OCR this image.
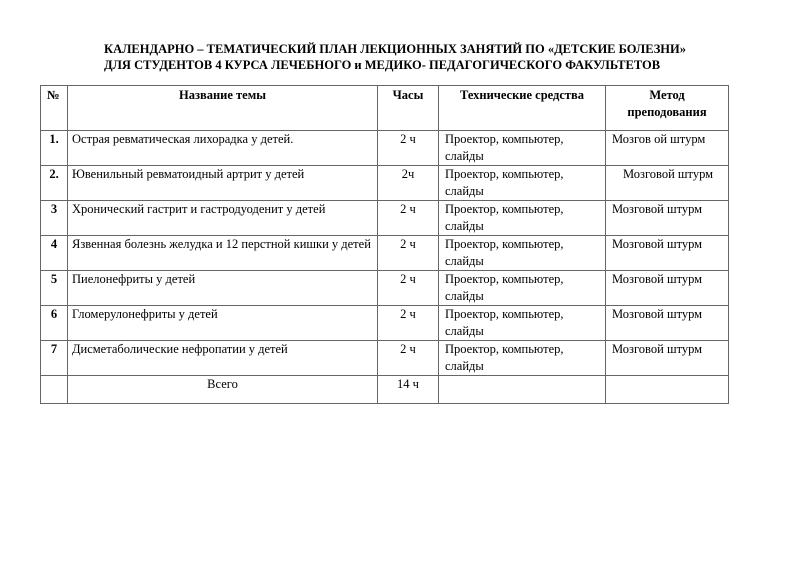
КАЛЕНДАРНО – ТЕМАТИЧЕСКИЙ ПЛАН ЛЕКЦИОННЫХ ЗАНЯТИЙ ПО «ДЕТСКИЕ БОЛЕЗНИ»
ДЛЯ СТУДЕНТОВ 4 КУРСА ЛЕЧЕБНОГО и МЕДИКО- ПЕДАГОГИЧЕСКОГО ФАКУЛЬТЕТОВ
№	Название темы	Часы	Технические средства	Метод преподования
1.	Острая ревматическая лихорадка у детей.	2 ч	Проектор, компьютер, слайды	Мозгов ой штурм
2.	Ювенильный ревматоидный артрит у детей	2ч	Проектор, компьютер, слайды	Мозговой штурм
3	Хронический гастрит и гастродуоденит у детей	2 ч	Проектор, компьютер, слайды	Мозговой штурм
4	Язвенная болезнь желудка и 12 перстной кишки у детей	2 ч	Проектор, компьютер, слайды	Мозговой штурм
5	Пиелонефриты у детей	2 ч	Проектор, компьютер, слайды	Мозговой штурм
6	Гломерулонефриты у детей	2 ч	Проектор, компьютер, слайды	Мозговой штурм
7	Дисметаболические нефропатии у детей	2 ч	Проектор, компьютер, слайды	Мозговой штурм
	Всего	14 ч		
